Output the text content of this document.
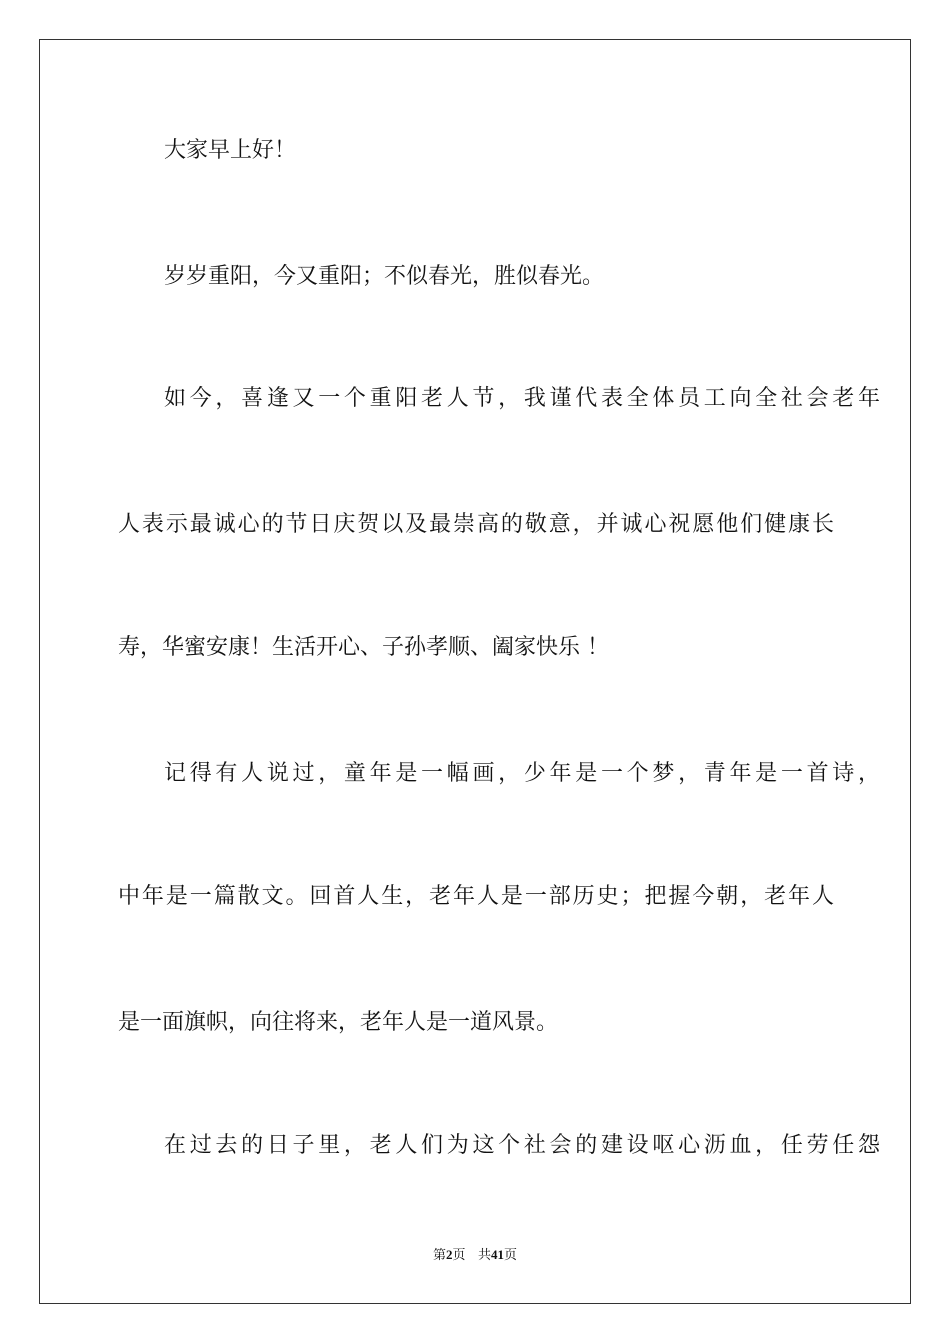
大家早上好！
岁岁重阳，今又重阳；不似春光，胜似春光。
如今，喜逢又一个重阳老人节，我谨代表全体员工向全社会老年
人表示最诚心的节日庆贺以及最崇高的敬意，并诚心祝愿他们健康长
寿，华蜜安康！生活开心、子孙孝顺、阖家快乐 ！
记得有人说过，童年是一幅画，少年是一个梦，青年是一首诗，
中年是一篇散文。回首人生，老年人是一部历史；把握今朝，老年人
是一面旗帜，向往将来，老年人是一道风景。
在过去的日子里，老人们为这个社会的建设呕心沥血，任劳任怨
第2页 共41页
